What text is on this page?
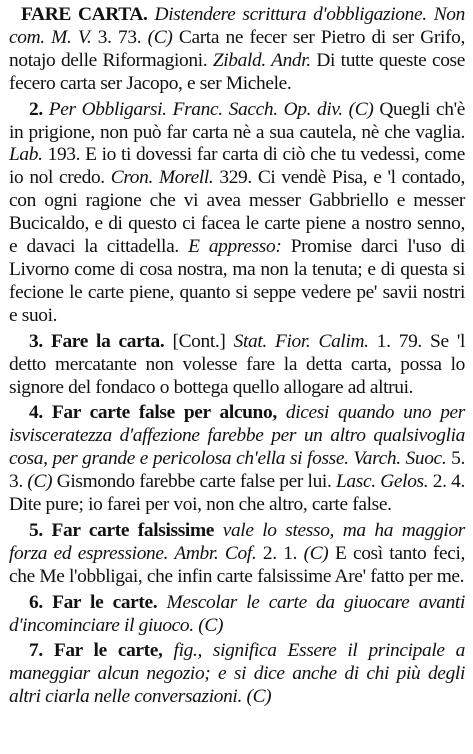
FARE CARTA. Distendere scrittura d'obbligazione. Non com. M. V. 3. 73. (C) Carta ne fecer ser Pietro di ser Grifo, notajo delle Riformagioni. Zibald. Andr. Di tutte queste cose fecero carta ser Jacopo, e ser Michele.

2. Per Obbligarsi. Franc. Sacch. Op. div. (C) Quegli ch'è in prigione, non può far carta nè a sua cautela, nè che vaglia. Lab. 193. E io ti dovessi far carta di ciò che tu vedessi, come io nol credo. Cron. Morell. 329. Ci vendè Pisa, e 'l contado, con ogni ragione che vi avea messer Gabbriello e messer Bucicaldo, e di questo ci facea le carte piene a nostro senno, e davaci la cittadella. E appresso: Promise darci l'uso di Livorno come di cosa nostra, ma non la tenuta; e di questa si fecione le carte piene, quanto si seppe vedere pe' savii nostri e suoi.

3. Fare la carta. [Cont.] Stat. Fior. Calim. 1. 79. Se 'l detto mercatante non volesse fare la detta carta, possa lo signore del fondaco o bottega quello allogare ad altrui.

4. Far carte false per alcuno, dicesi quando uno per isvisceratezza d'affezione farebbe per un altro qualsivoglia cosa, per grande e pericolosa ch'ella si fosse. Varch. Suoc. 5. 3. (C) Gismondo farebbe carte false per lui. Lasc. Gelos. 2. 4. Dite pure; io farei per voi, non che altro, carte false.

5. Far carte falsissime vale lo stesso, ma ha maggior forza ed espressione. Ambr. Cof. 2. 1. (C) E così tanto feci, che Me l'obbligai, che infin carte falsissime Are' fatto per me.

6. Far le carte. Mescolar le carte da giuocare avanti d'incominciare il giuoco. (C)

7. Far le carte, fig., significa Essere il principale a maneggiar alcun negozio; e si dice anche di chi più degli altri ciarla nelle conversazioni. (C)
